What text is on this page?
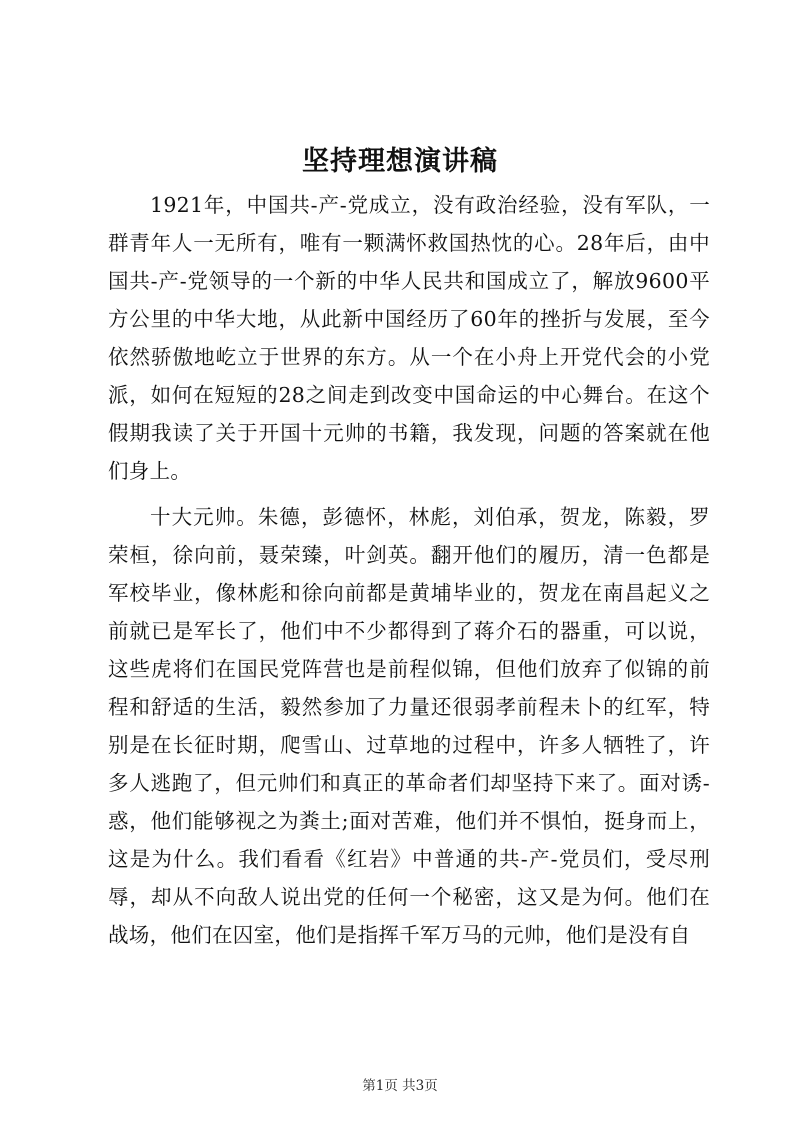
坚持理想演讲稿

1921年，中国共-产-党成立，没有政治经验，没有军队，一群青年人一无所有，唯有一颗满怀救国热忱的心。28年后，由中国共-产-党领导的一个新的中华人民共和国成立了，解放9600平方公里的中华大地，从此新中国经历了60年的挫折与发展，至今依然骄傲地屹立于世界的东方。从一个在小舟上开党代会的小党派，如何在短短的28之间走到改变中国命运的中心舞台。在这个假期我读了关于开国十元帅的书籍，我发现，问题的答案就在他们身上。

十大元帅。朱德，彭德怀，林彪，刘伯承，贺龙，陈毅，罗荣桓，徐向前，聂荣臻，叶剑英。翻开他们的履历，清一色都是军校毕业，像林彪和徐向前都是黄埔毕业的，贺龙在南昌起义之前就已是军长了，他们中不少都得到了蒋介石的器重，可以说，这些虎将们在国民党阵营也是前程似锦，但他们放弃了似锦的前程和舒适的生活，毅然参加了力量还很弱孝前程未卜的红军，特别是在长征时期，爬雪山、过草地的过程中，许多人牺牲了，许多人逃跑了，但元帅们和真正的革命者们却坚持下来了。面对诱-惑，他们能够视之为粪土;面对苦难，他们并不惧怕，挺身而上，这是为什么。我们看看《红岩》中普通的共-产-党员们，受尽刑辱，却从不向敌人说出党的任何一个秘密，这又是为何。他们在战场，他们在囚室，他们是指挥千军万马的元帅，他们是没有自

第1页 共3页
